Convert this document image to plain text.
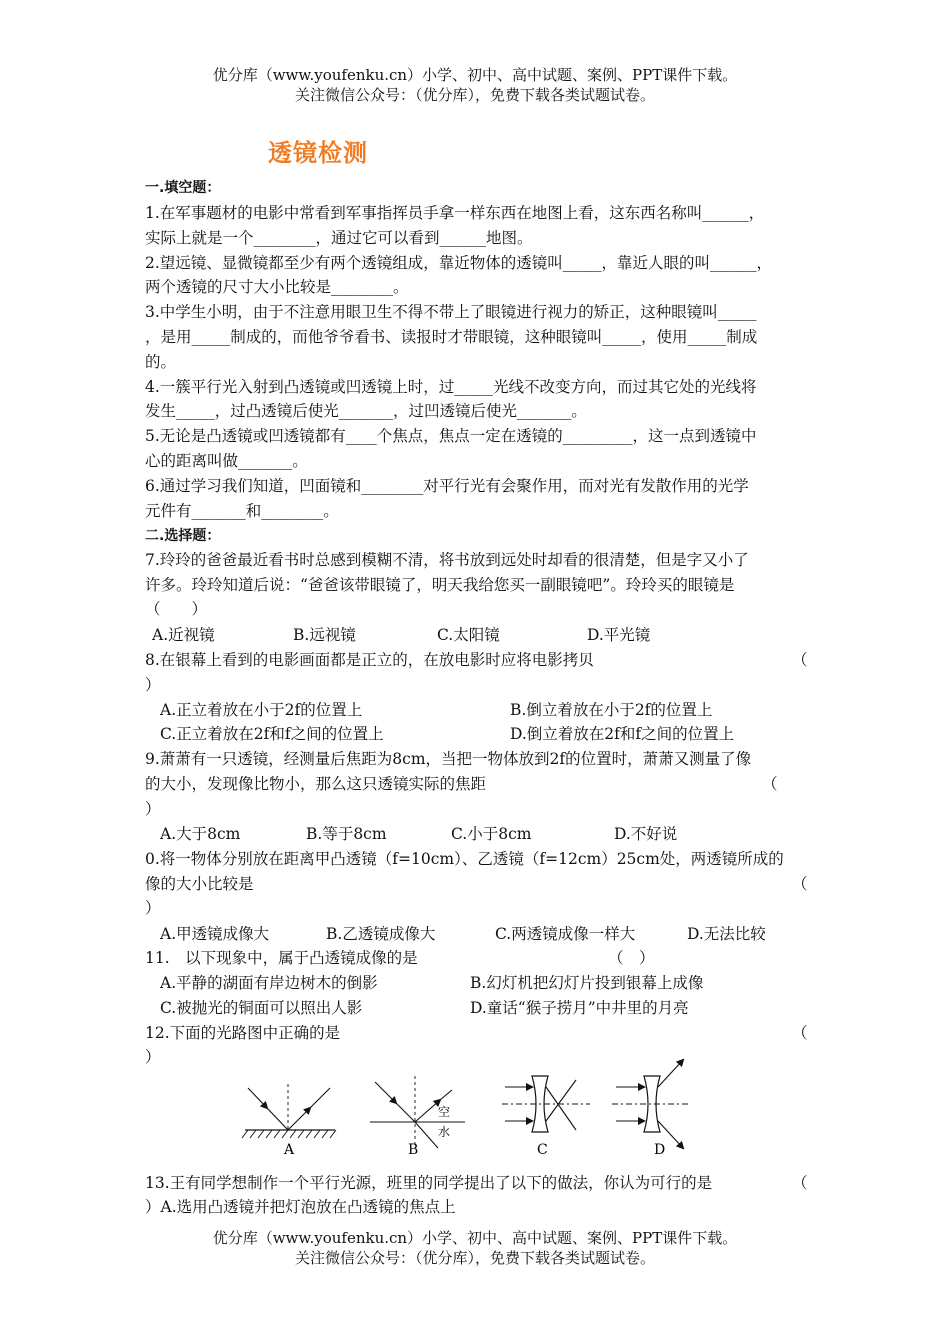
优分库（www.youfenku.cn）小学、初中、高中试题、案例、PPT课件下载。
关注微信公众号：（优分库），免费下载各类试题试卷。
透镜检测
一.填空题：
1.在军事题材的电影中常看到军事指挥员手拿一样东西在地图上看，这东西名称叫______，
实际上就是一个________，通过它可以看到______地图。
2.望远镜、显微镜都至少有两个透镜组成，靠近物体的透镜叫_____，靠近人眼的叫______，
两个透镜的尺寸大小比较是________。
3.中学生小明，由于不注意用眼卫生不得不带上了眼镜进行视力的矫正，这种眼镜叫_____
，是用_____制成的，而他爷爷看书、读报时才带眼镜，这种眼镜叫_____，使用_____制成
的。
4.一簇平行光入射到凸透镜或凹透镜上时，过_____光线不改变方向，而过其它处的光线将
发生_____，过凸透镜后使光_______，过凹透镜后使光_______。
5.无论是凸透镜或凹透镜都有____个焦点，焦点一定在透镜的_________，这一点到透镜中
心的距离叫做_______。
6.通过学习我们知道，凹面镜和________对平行光有会聚作用，而对光有发散作用的光学
元件有_______和________。
二.选择题：
7.玲玲的爸爸最近看书时总感到模糊不清，将书放到远处时却看的很清楚，但是字又小了
许多。玲玲知道后说：“爸爸该带眼镜了，明天我给您买一副眼镜吧”。玲玲买的眼镜是
（　　）
A.近视镜	B.远视镜	C.太阳镜	D.平光镜
8.在银幕上看到的电影画面都是正立的，在放电影时应将电影拷贝	（
）
A.正立着放在小于2f的位置上	B.倒立着放在小于2f的位置上
C.正立着放在2f和f之间的位置上	D.倒立着放在2f和f之间的位置上
9.萧萧有一只透镜，经测量后焦距为8cm，当把一物体放到2f的位置时，萧萧又测量了像
的大小，发现像比物小，那么这只透镜实际的焦距	（
）
A.大于8cm	B.等于8cm	C.小于8cm	D.不好说
0.将一物体分别放在距离甲凸透镜（f=10cm）、乙透镜（f=12cm）25cm处，两透镜所成的
像的大小比较是	（
）
A.甲透镜成像大	B.乙透镜成像大	C.两透镜成像一样大	D.无法比较
11.　以下现象中，属于凸透镜成像的是	（　）
A.平静的湖面有岸边树木的倒影	B.幻灯机把幻灯片投到银幕上成像
C.被抛光的铜面可以照出人影	D.童话“猴子捞月”中井里的月亮
12.下面的光路图中正确的是	（
）
A
空
水
B	C	D
13.王有同学想制作一个平行光源，班里的同学提出了以下的做法，你认为可行的是	（
）A.选用凸透镜并把灯泡放在凸透镜的焦点上
优分库（www.youfenku.cn）小学、初中、高中试题、案例、PPT课件下载。
关注微信公众号：（优分库），免费下载各类试题试卷。
